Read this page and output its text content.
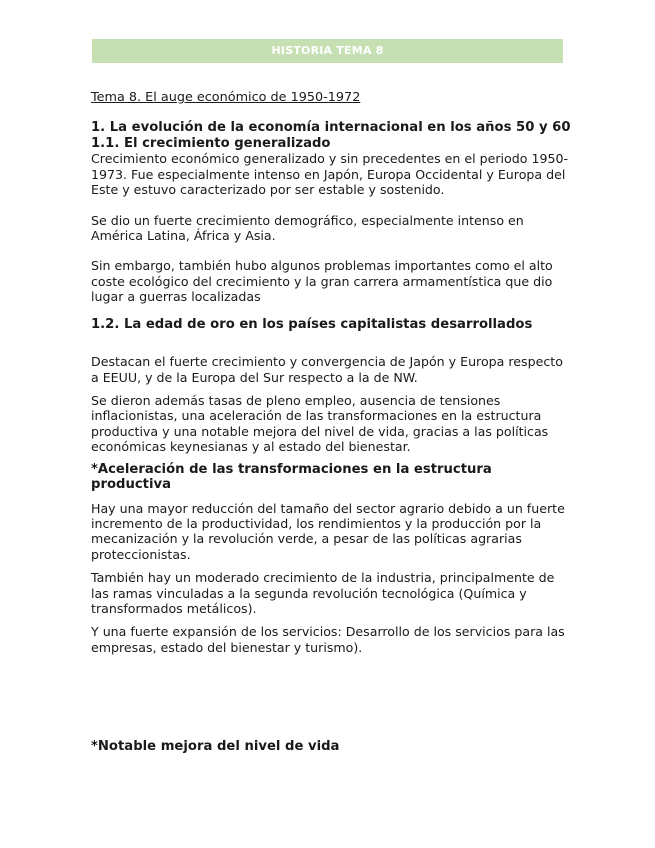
HISTORIA TEMA 8

Tema 8. El auge económico de 1950-1972

1. La evolución de la economía internacional en los años 50 y 60

1.1. El crecimiento generalizado

Crecimiento económico generalizado y sin precedentes en el periodo 1950-1973. Fue especialmente intenso en Japón, Europa Occidental y Europa del Este y estuvo caracterizado por ser estable y sostenido.

Se dio un fuerte crecimiento demográfico, especialmente intenso en América Latina, África y Asia.

Sin embargo, también hubo algunos problemas importantes como el alto coste ecológico del crecimiento y la gran carrera armamentística que dio lugar a guerras localizadas

1.2. La edad de oro en los países capitalistas desarrollados

Destacan el fuerte crecimiento y convergencia de Japón y Europa respecto a EEUU, y de la Europa del Sur respecto a la de NW.

Se dieron además tasas de pleno empleo, ausencia de tensiones inflacionistas, una aceleración de las transformaciones en la estructura productiva y una notable mejora del nivel de vida, gracias a las políticas económicas keynesianas y al estado del bienestar.

*Aceleración de las transformaciones en la estructura productiva

Hay una mayor reducción del tamaño del sector agrario debido a un fuerte incremento de la productividad, los rendimientos y la producción por la mecanización y la revolución verde, a pesar de las políticas agrarias proteccionistas.

También hay un moderado crecimiento de la industria, principalmente de las ramas vinculadas a la segunda revolución tecnológica (Química y transformados metálicos).

Y una fuerte expansión de los servicios: Desarrollo de los servicios para las empresas, estado del bienestar y turismo).

*Notable mejora del nivel de vida
